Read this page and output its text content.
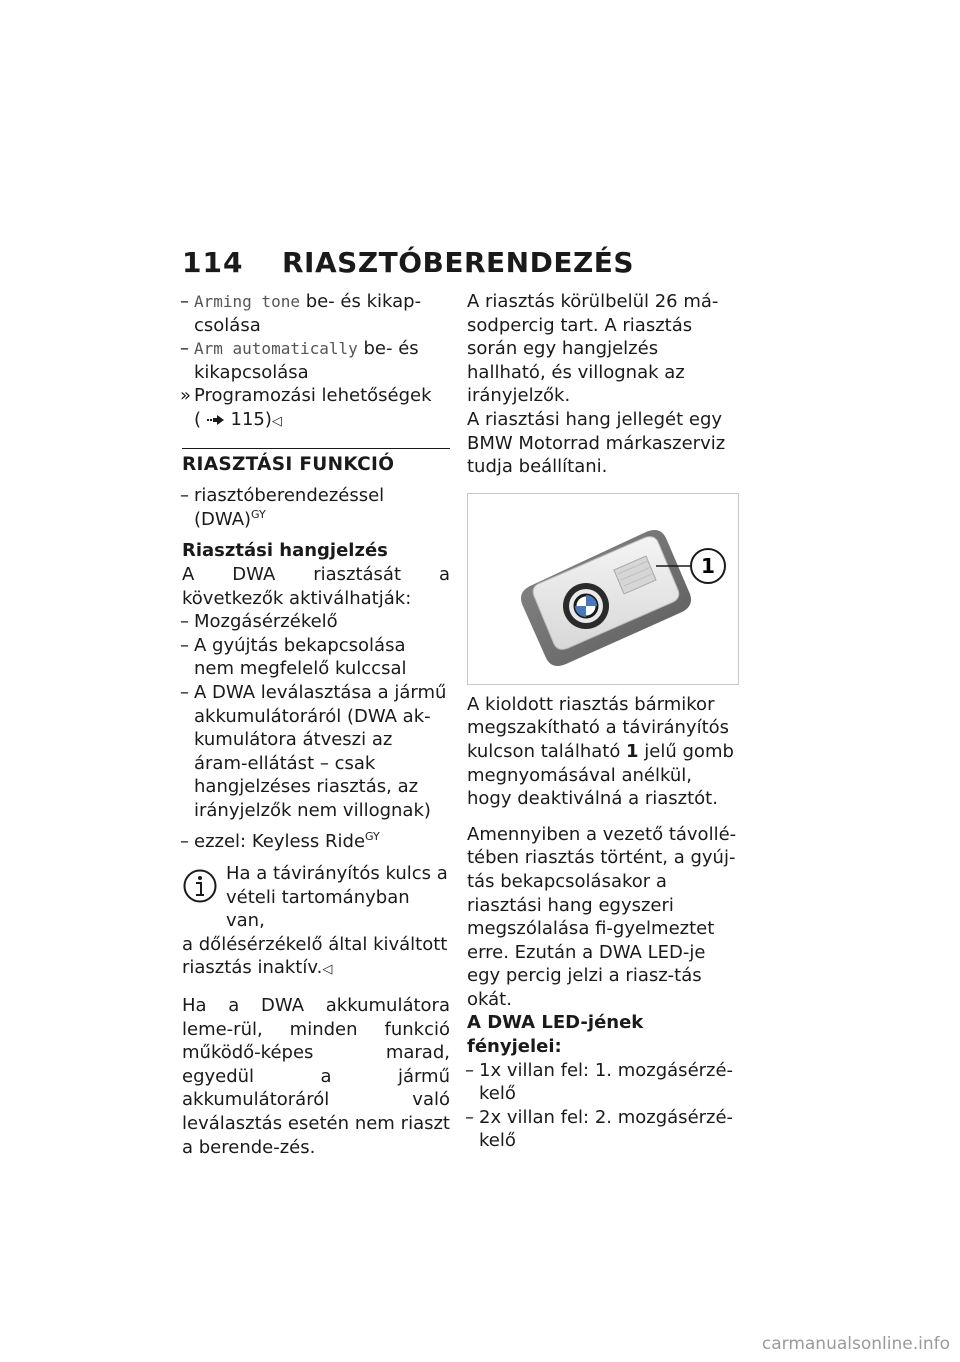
114	RIASZTÓBERENDEZÉS
– Arming tone be- és kikap-csolása
– Arm automatically be- és kikapcsolása
» Programozási lehetőségek
( 115)◁
RIASZTÁSI FUNKCIÓ
– riasztóberendezéssel (DWA)$^{GY}$
Riasztási hangjelzés
A DWA riasztását a következők aktiválhatják:
– Mozgásérzékelő
– A gyújtás bekapcsolása nem megfelelő kulccsal
– A DWA leválasztása a jármű akkumulátoráról (DWA ak-kumulátora átveszi az áram-ellátást – csak hangjelzéses riasztás, az irányjelzők nem villognak)
– ezzel: Keyless Ride$^{GY}$
Ha a távirányítós kulcs a vételi tartományban van,
a dőlésérzékelő által kiváltott riasztás inaktív.◁
Ha a DWA akkumulátora leme-rül, minden funkció működő-képes marad, egyedül a jármű akkumulátoráról való leválasztás esetén nem riaszt a berende-zés.
A riasztás körülbelül 26 má-sodpercig tart. A riasztás során egy hangjelzés hallható, és villognak az irányjelzők.
A riasztási hang jellegét egy BMW Motorrad márkaszerviz tudja beállítani.
1
A kioldott riasztás bármikor megszakítható a távirányítós kulcson található 1 jelű gomb megnyomásával anélkül, hogy deaktiválná a riasztót.
Amennyiben a vezető távollé-tében riasztás történt, a gyúj-tás bekapcsolásakor a riasztási hang egyszeri megszólalása fi-gyelmeztet erre. Ezután a DWA LED-je egy percig jelzi a riasz-tás okát.
A DWA LED-jének fényjelei:
– 1x villan fel: 1. mozgásérzé-kelő
– 2x villan fel: 2. mozgásérzé-kelő
carmanualsonline.info
